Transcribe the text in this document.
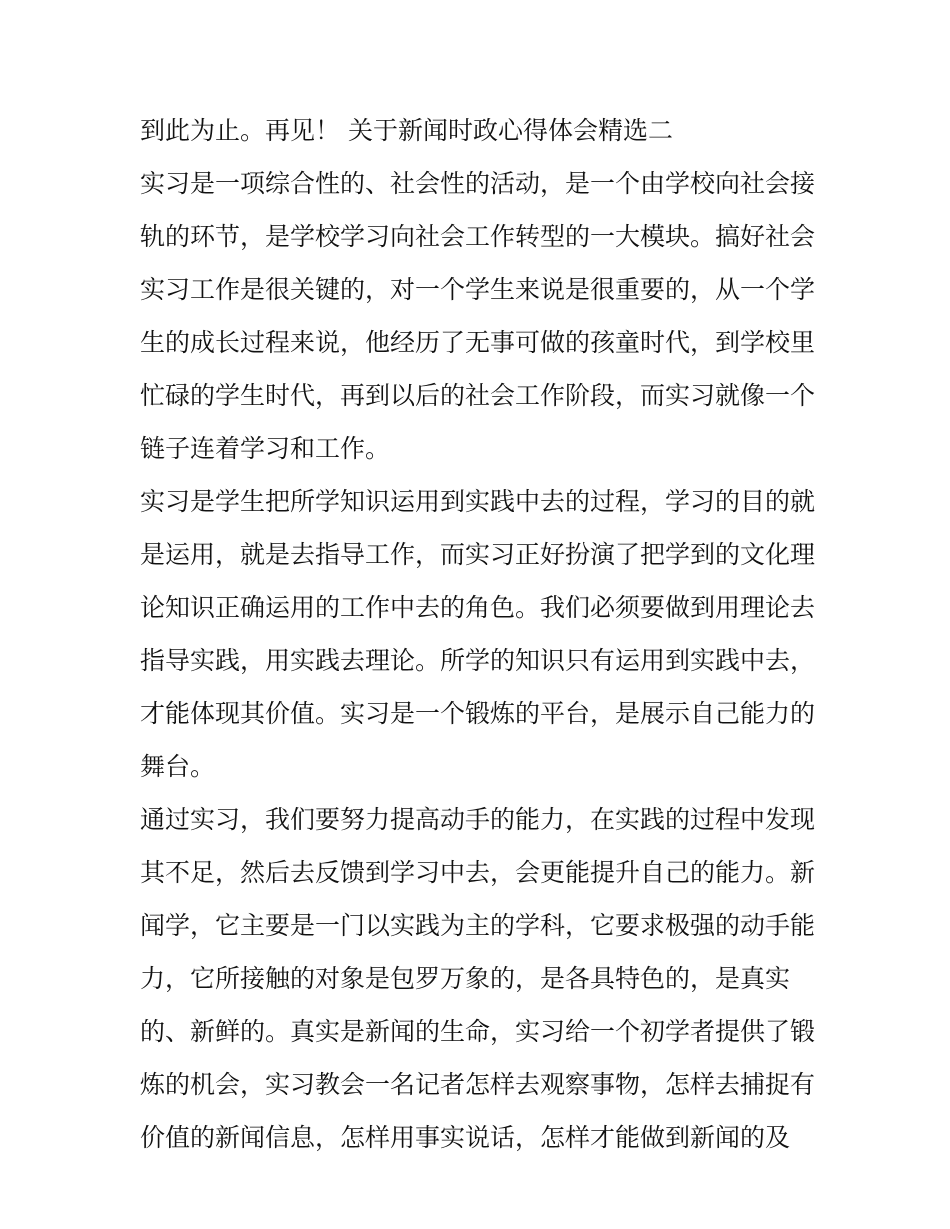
到此为止。再见！ 关于新闻时政心得体会精选二
实习是一项综合性的、社会性的活动，是一个由学校向社会接
轨的环节，是学校学习向社会工作转型的一大模块。搞好社会
实习工作是很关键的，对一个学生来说是很重要的，从一个学
生的成长过程来说，他经历了无事可做的孩童时代，到学校里
忙碌的学生时代，再到以后的社会工作阶段，而实习就像一个
链子连着学习和工作。
实习是学生把所学知识运用到实践中去的过程，学习的目的就
是运用，就是去指导工作，而实习正好扮演了把学到的文化理
论知识正确运用的工作中去的角色。我们必须要做到用理论去
指导实践，用实践去理论。所学的知识只有运用到实践中去，
才能体现其价值。实习是一个锻炼的平台，是展示自己能力的
舞台。
通过实习，我们要努力提高动手的能力，在实践的过程中发现
其不足，然后去反馈到学习中去，会更能提升自己的能力。新
闻学，它主要是一门以实践为主的学科，它要求极强的动手能
力，它所接触的对象是包罗万象的，是各具特色的，是真实
的、新鲜的。真实是新闻的生命，实习给一个初学者提供了锻
炼的机会，实习教会一名记者怎样去观察事物，怎样去捕捉有
价值的新闻信息，怎样用事实说话，怎样才能做到新闻的及
